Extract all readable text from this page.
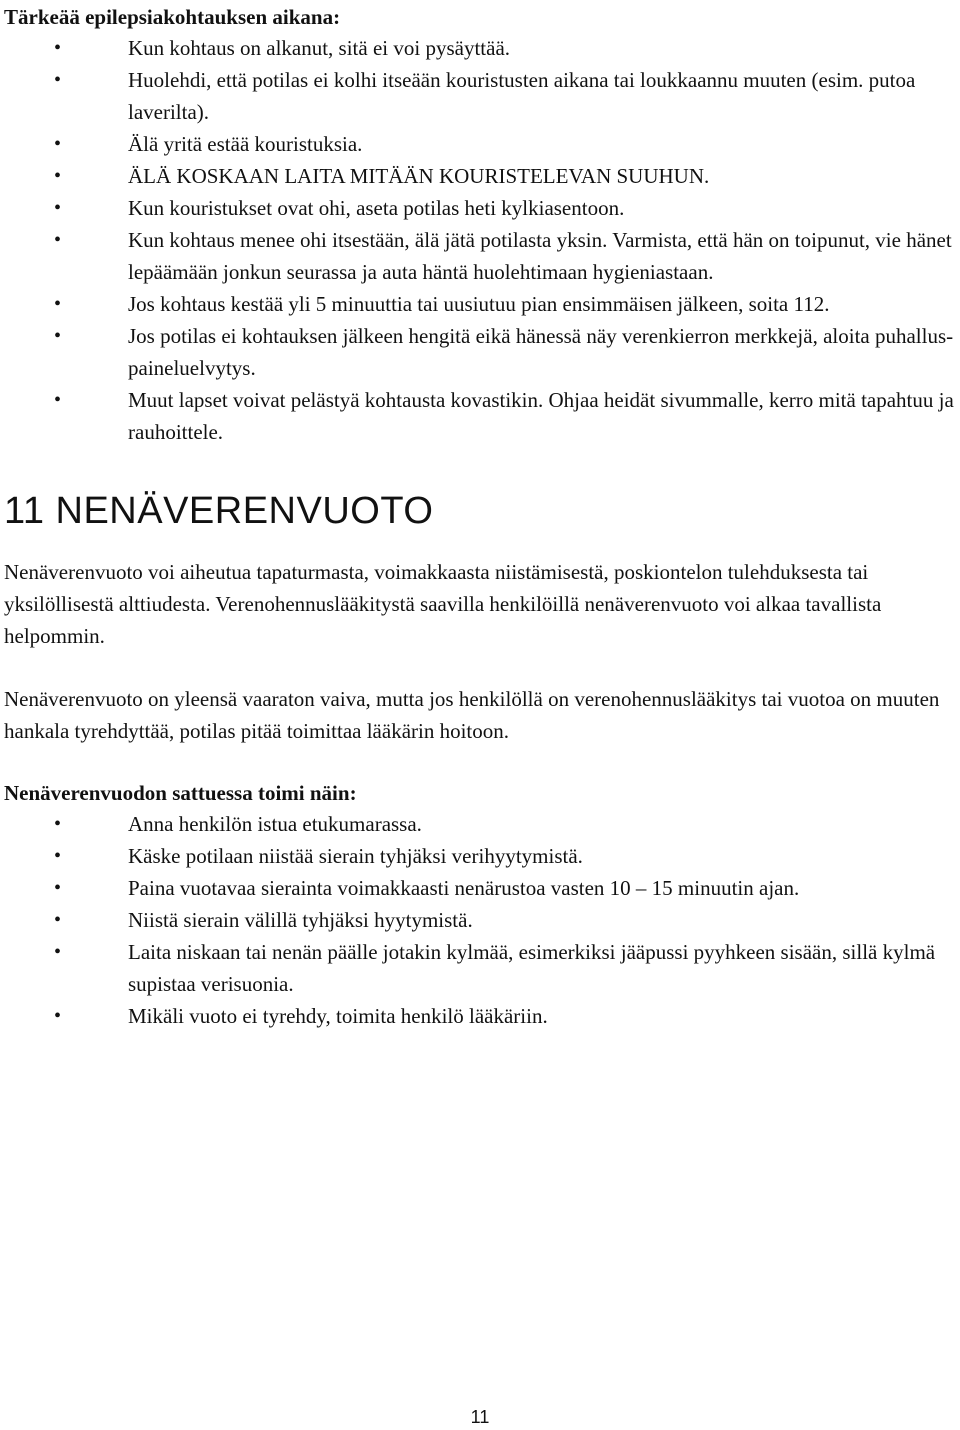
Tärkeää epilepsiakohtauksen aikana:

•	Kun kohtaus on alkanut, sitä ei voi pysäyttää.
•	Huolehdi, että potilas ei kolhi itseään kouristusten aikana tai loukkaannu muuten (esim. putoa laverilta).
•	Älä yritä estää kouristuksia.
•	ÄLÄ KOSKAAN LAITA MITÄÄN KOURISTELEVAN SUUHUN.
•	Kun kouristukset ovat ohi, aseta potilas heti kylkiasentoon.
•	Kun kohtaus menee ohi itsestään, älä jätä potilasta yksin. Varmista, että hän on toipunut, vie hänet lepäämään jonkun seurassa ja auta häntä huolehtimaan hygieniastaan.
•	Jos kohtaus kestää yli 5 minuuttia tai uusiutuu pian ensimmäisen jälkeen, soita 112.
•	Jos potilas ei kohtauksen jälkeen hengitä eikä hänessä näy verenkierron merkkejä, aloita puhallus-paineluelvytys.
•	Muut lapset voivat pelästyä kohtausta kovastikin. Ohjaa heidät sivummalle, kerro mitä tapahtuu ja rauhoittele.
11 NENÄVERENVUOTO

Nenäverenvuoto voi aiheutua tapaturmasta, voimakkaasta niistämisestä, poskiontelon tulehduksesta tai yksilöllisestä alttiudesta. Verenohennuslääkitystä saavilla henkilöillä nenäverenvuoto voi alkaa tavallista helpommin.

Nenäverenvuoto on yleensä vaaraton vaiva, mutta jos henkilöllä on verenohennuslääkitys tai vuotoa on muuten hankala tyrehdyttää, potilas pitää toimittaa lääkärin hoitoon.

Nenäverenvuodon sattuessa toimi näin:

•	Anna henkilön istua etukumarassa.
•	Käske potilaan niistää sierain tyhjäksi verihyytymistä.
•	Paina vuotavaa sierainta voimakkaasti nenärustoa vasten 10 – 15 minuutin ajan.
•	Niistä sierain välillä tyhjäksi hyytymistä.
•	Laita niskaan tai nenän päälle jotakin kylmää, esimerkiksi jääpussi pyyhkeen sisään, sillä kylmä supistaa verisuonia.
•	Mikäli vuoto ei tyrehdy, toimita henkilö lääkäriin.
11
